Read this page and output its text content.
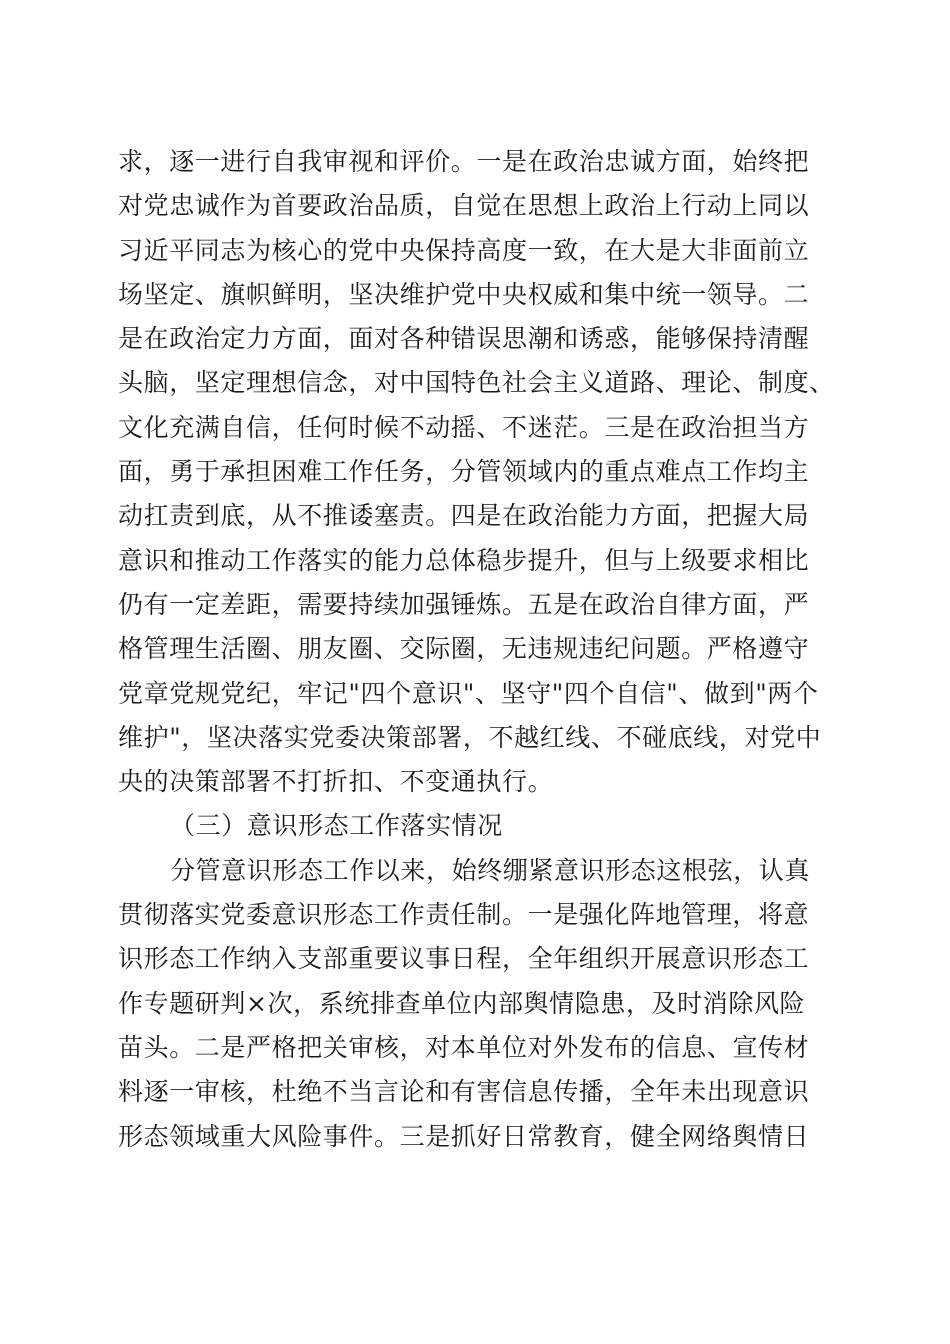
求，逐一进行自我审视和评价。一是在政治忠诚方面，始终把
对党忠诚作为首要政治品质，自觉在思想上政治上行动上同以
习近平同志为核心的党中央保持高度一致，在大是大非面前立
场坚定、旗帜鲜明，坚决维护党中央权威和集中统一领导。二
是在政治定力方面，面对各种错误思潮和诱惑，能够保持清醒
头脑，坚定理想信念，对中国特色社会主义道路、理论、制度、
文化充满自信，任何时候不动摇、不迷茫。三是在政治担当方
面，勇于承担困难工作任务，分管领域内的重点难点工作均主
动扛责到底，从不推诿塞责。四是在政治能力方面，把握大局
意识和推动工作落实的能力总体稳步提升，但与上级要求相比
仍有一定差距，需要持续加强锤炼。五是在政治自律方面，严
格管理生活圈、朋友圈、交际圈，无违规违纪问题。严格遵守
党章党规党纪，牢记"四个意识"、坚守"四个自信"、做到"两个
维护"，坚决落实党委决策部署，不越红线、不碰底线，对党中
央的决策部署不打折扣、不变通执行。
（三）意识形态工作落实情况
分管意识形态工作以来，始终绷紧意识形态这根弦，认真
贯彻落实党委意识形态工作责任制。一是强化阵地管理，将意
识形态工作纳入支部重要议事日程，全年组织开展意识形态工
作专题研判×次，系统排查单位内部舆情隐患，及时消除风险
苗头。二是严格把关审核，对本单位对外发布的信息、宣传材
料逐一审核，杜绝不当言论和有害信息传播，全年未出现意识
形态领域重大风险事件。三是抓好日常教育，健全网络舆情日
